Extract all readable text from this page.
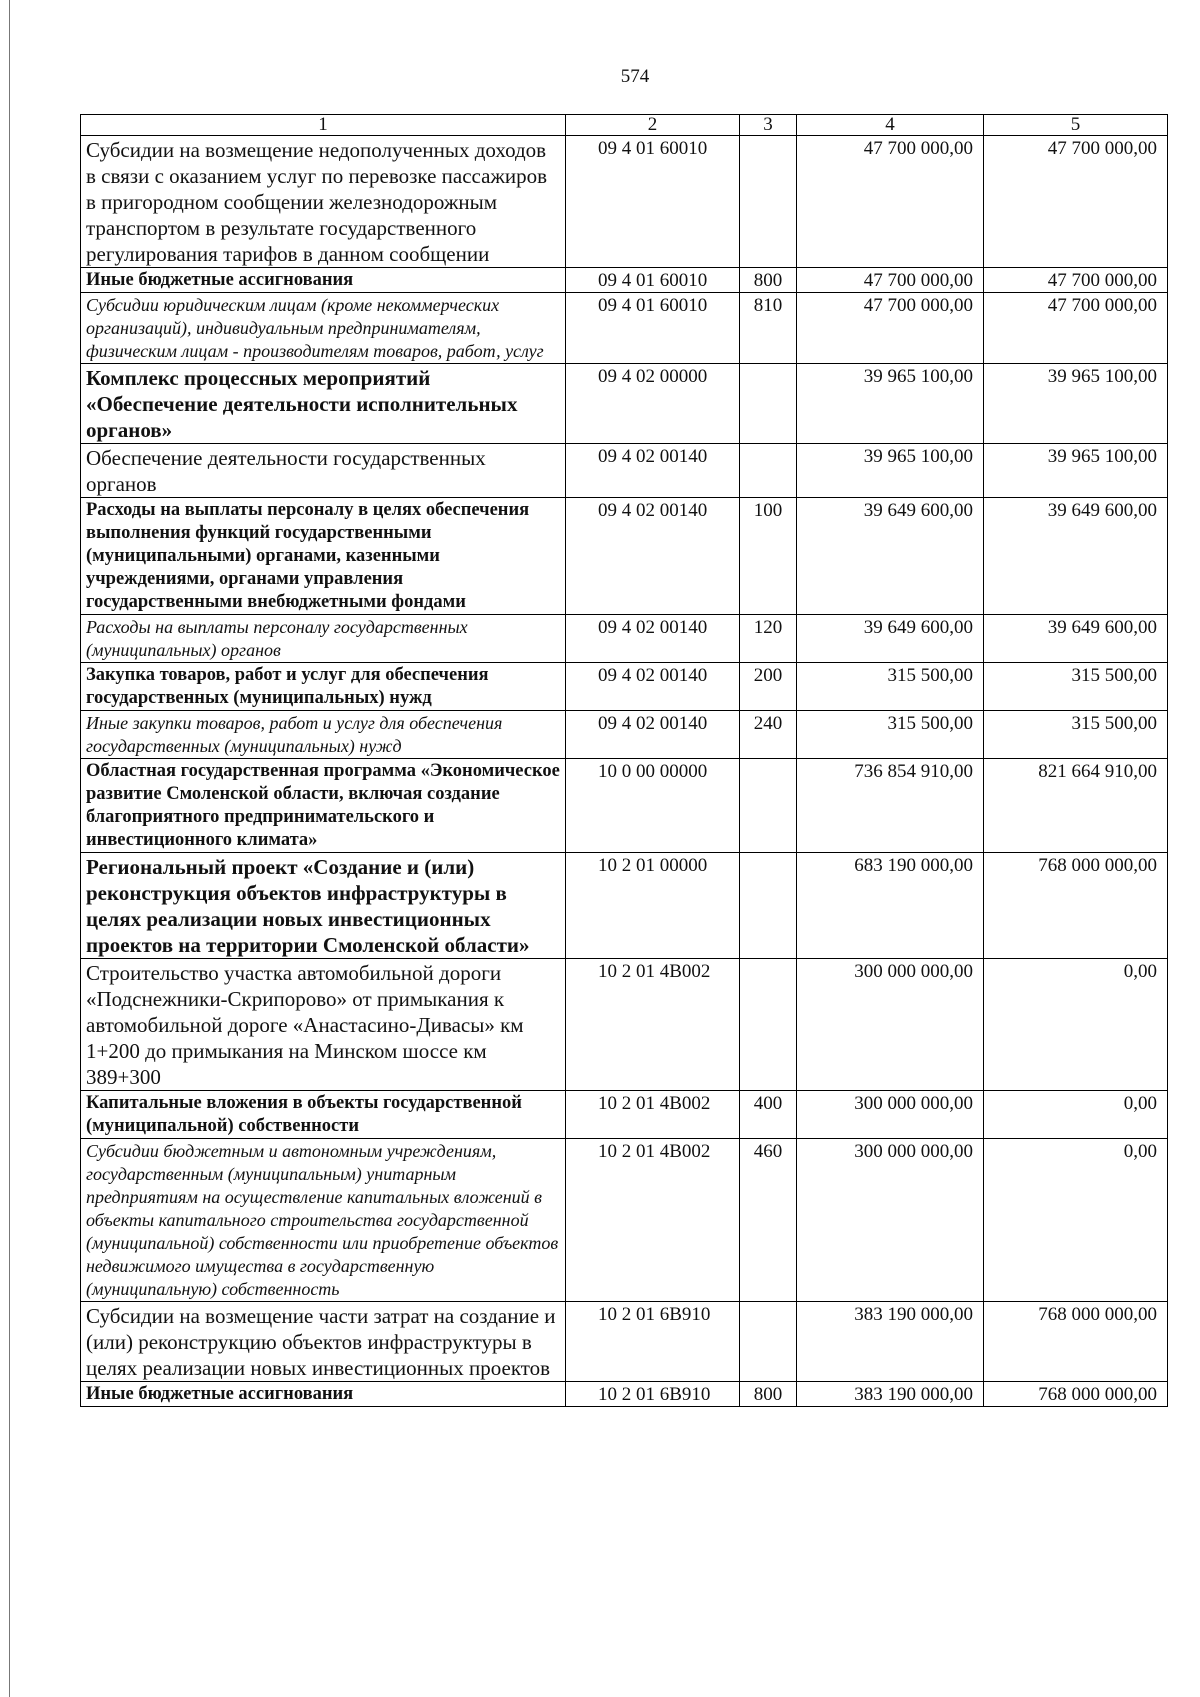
574
1	2	3	4	5
Субсидии на возмещение недополученных доходов в связи с оказанием услуг по перевозке пассажиров в пригородном сообщении железнодорожным транспортом в результате государственного регулирования тарифов в данном сообщении	09 4 01 60010		47 700 000,00	47 700 000,00
Иные бюджетные ассигнования	09 4 01 60010	800	47 700 000,00	47 700 000,00
Субсидии юридическим лицам (кроме некоммерческих организаций), индивидуальным предпринимателям, физическим лицам - производителям товаров, работ, услуг	09 4 01 60010	810	47 700 000,00	47 700 000,00
Комплекс процессных мероприятий «Обеспечение деятельности исполнительных органов»	09 4 02 00000		39 965 100,00	39 965 100,00
Обеспечение деятельности государственных органов	09 4 02 00140		39 965 100,00	39 965 100,00
Расходы на выплаты персоналу в целях обеспечения выполнения функций государственными (муниципальными) органами, казенными учреждениями, органами управления государственными внебюджетными фондами	09 4 02 00140	100	39 649 600,00	39 649 600,00
Расходы на выплаты персоналу государственных (муниципальных) органов	09 4 02 00140	120	39 649 600,00	39 649 600,00
Закупка товаров, работ и услуг для обеспечения государственных (муниципальных) нужд	09 4 02 00140	200	315 500,00	315 500,00
Иные закупки товаров, работ и услуг для обеспечения государственных (муниципальных) нужд	09 4 02 00140	240	315 500,00	315 500,00
Областная государственная программа «Экономическое развитие Смоленской области, включая создание благоприятного предпринимательского и инвестиционного климата»	10 0 00 00000		736 854 910,00	821 664 910,00
Региональный проект «Создание и (или) реконструкция объектов инфраструктуры в целях реализации новых инвестиционных проектов на территории Смоленской области»	10 2 01 00000		683 190 000,00	768 000 000,00
Строительство участка автомобильной дороги «Подснежники-Скрипорово» от примыкания к автомобильной дороге «Анастасино-Дивасы» км 1+200 до примыкания на Минском шоссе км 389+300	10 2 01 4В002		300 000 000,00	0,00
Капитальные вложения в объекты государственной (муниципальной) собственности	10 2 01 4В002	400	300 000 000,00	0,00
Субсидии бюджетным и автономным учреждениям, государственным (муниципальным) унитарным предприятиям на осуществление капитальных вложений в объекты капитального строительства государственной (муниципальной) собственности или приобретение объектов недвижимого имущества в государственную (муниципальную) собственность	10 2 01 4В002	460	300 000 000,00	0,00
Субсидии на возмещение части затрат на создание и (или) реконструкцию объектов инфраструктуры в целях реализации новых инвестиционных проектов	10 2 01 6В910		383 190 000,00	768 000 000,00
Иные бюджетные ассигнования	10 2 01 6В910	800	383 190 000,00	768 000 000,00
